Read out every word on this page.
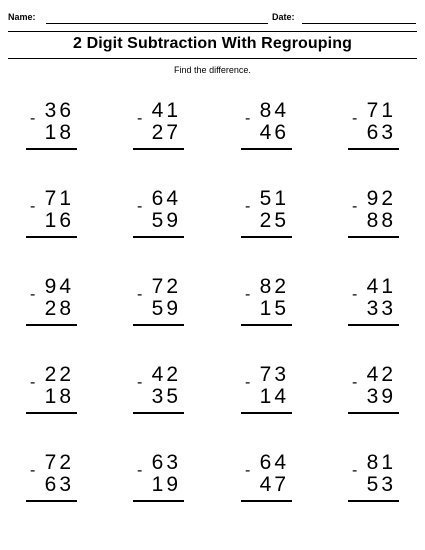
Name:	Date:
2 Digit Subtraction With Regrouping
Find the difference.
36
-
18
41
-
27
84
-
46
71
-
63
71
-
16
64
-
59
51
-
25
92
-
88
94
-
28
72
-
59
82
-
15
41
-
33
22
-
18
42
-
35
73
-
14
42
-
39
72
-
63
63
-
19
64
-
47
81
-
53
